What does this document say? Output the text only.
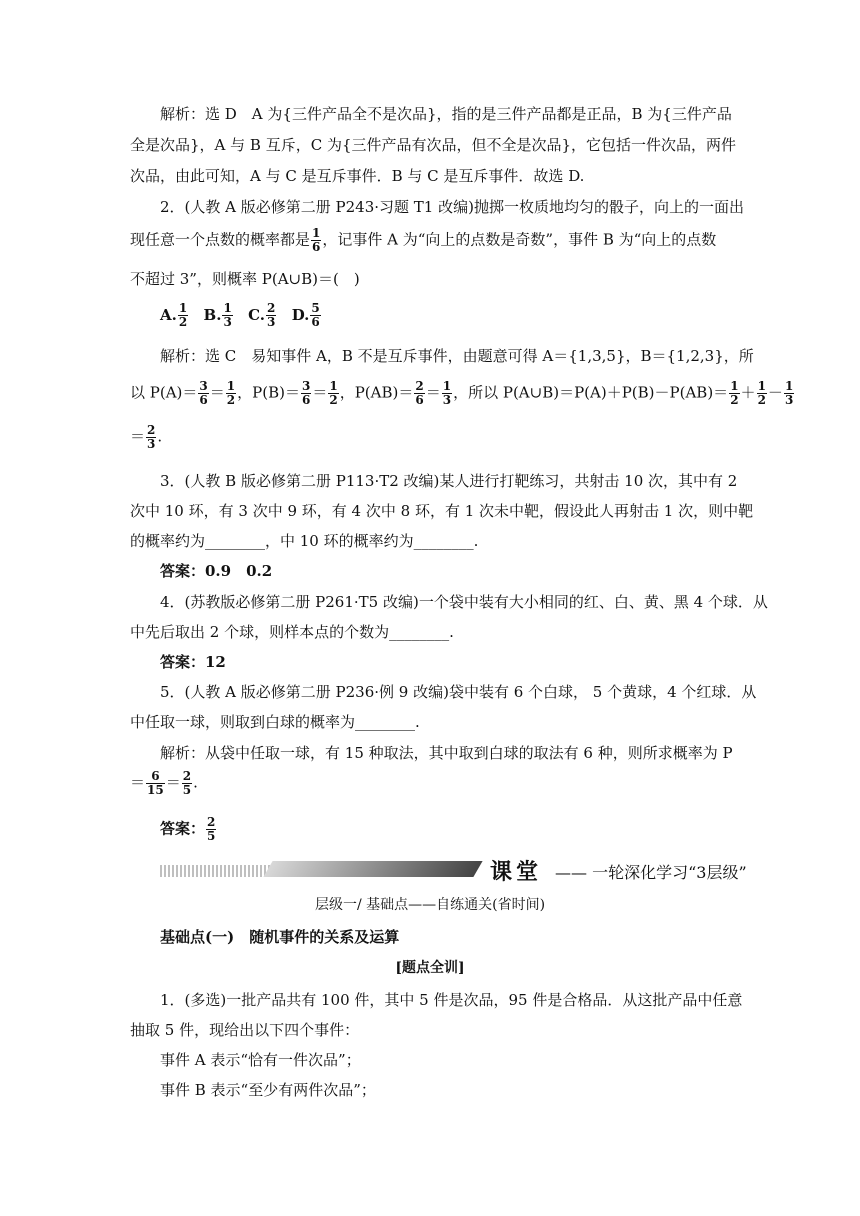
解析：选 D　A 为{三件产品全不是次品}，指的是三件产品都是正品，B 为{三件产品
全是次品}，A 与 B 互斥，C 为{三件产品有次品，但不全是次品}，它包括一件次品，两件
次品，由此可知，A 与 C 是互斥事件．B 与 C 是互斥事件．故选 D.
2．(人教 A 版必修第二册 P243·习题 T1 改编)抛掷一枚质地均匀的骰子，向上的一面出
现任意一个点数的概率都是 $\frac{1}{6}$ ，记事件 A 为“向上的点数是奇数”，事件 B 为“向上的点数
不超过 3”，则概率 P(A∪B)＝(　)
A. $\frac{1}{2} B$. $\frac{1}{3} C$. $\frac{2}{3} D$. $\frac{5}{6}$
解析：选 C　易知事件 A，B 不是互斥事件，由题意可得 A＝{1,3,5}，B＝{1,2,3}，所
以 $P(A)= \frac{3}{6} = \frac{1}{2}$ ，$P(B)= \frac{3}{6} = \frac{1}{2}$ ，$P(AB)= \frac{2}{6} = \frac{1}{3}$ ，所以 P(A∪B)＝P(A)＋P(B)－P(AB)＝ $\frac{1}{2} + \frac{1}{2} - \frac{1}{3}$
＝ $\frac{2}{3}$ .
3．(人教 B 版必修第二册 P113·T2 改编)某人进行打靶练习，共射击 10 次，其中有 2
次中 10 环，有 3 次中 9 环，有 4 次中 8 环，有 1 次未中靶，假设此人再射击 1 次，则中靶
的概率约为________，中 10 环的概率约为________.
答案：0.9　0.2
4．(苏教版必修第二册 P261·T5 改编)一个袋中装有大小相同的红、白、黄、黑 4 个球．从
中先后取出 2 个球，则样本点的个数为________.
答案：12
5．(人教 A 版必修第二册 P236·例 9 改编)袋中装有 6 个白球， 5 个黄球，4 个红球．从
中任取一球，则取到白球的概率为________.
解析：从袋中任取一球，有 15 种取法，其中取到白球的取法有 6 种，则所求概率为 P
＝ $\frac{6}{15} = \frac{2}{5}$ .
答案： $\frac{2}{5}$
课堂 —— 一轮深化学习“3层级”
层级一/ 基础点——自练通关(省时间)
基础点(一)　随机事件的关系及运算
[题点全训]
1．(多选)一批产品共有 100 件，其中 5 件是次品，95 件是合格品．从这批产品中任意
抽取 5 件，现给出以下四个事件：
事件 A 表示“恰有一件次品”；
事件 B 表示“至少有两件次品”；
